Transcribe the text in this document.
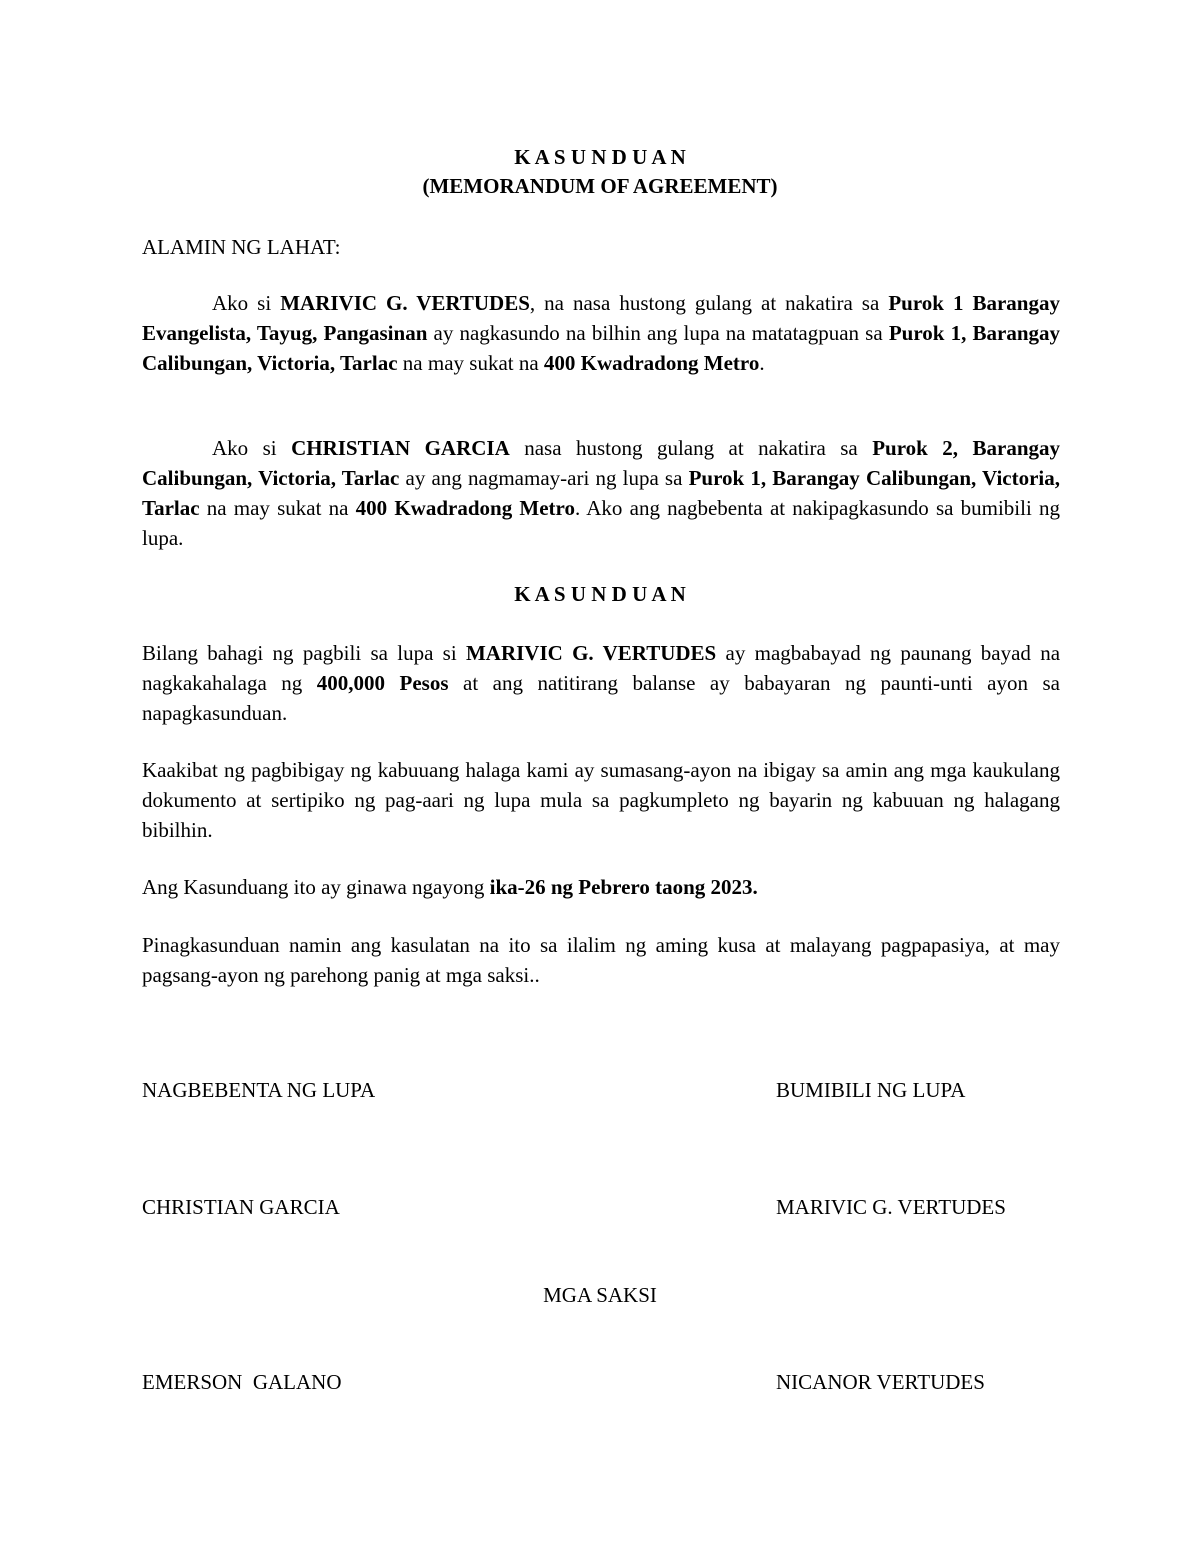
K A S U N D U A N
(MEMORANDUM OF AGREEMENT)
ALAMIN NG LAHAT:
Ako si MARIVIC G. VERTUDES, na nasa hustong gulang at nakatira sa Purok 1 Barangay Evangelista, Tayug, Pangasinan ay nagkasundo na bilhin ang lupa na matatagpuan sa Purok 1, Barangay Calibungan, Victoria, Tarlac na may sukat na 400 Kwadradong Metro.
Ako si CHRISTIAN GARCIA nasa hustong gulang at nakatira sa Purok 2, Barangay Calibungan, Victoria, Tarlac ay ang nagmamay-ari ng lupa sa Purok 1, Barangay Calibungan, Victoria, Tarlac na may sukat na 400 Kwadradong Metro. Ako ang nagbebenta at nakipagkasundo sa bumibili ng lupa.
K A S U N D U A N
Bilang bahagi ng pagbili sa lupa si MARIVIC G. VERTUDES ay magbabayad ng paunang bayad na nagkakahalaga ng 400,000 Pesos at ang natitirang balanse ay babayaran ng paunti-unti ayon sa napagkasunduan.
Kaakibat ng pagbibigay ng kabuuang halaga kami ay sumasang-ayon na ibigay sa amin ang mga kaukulang dokumento at sertipiko ng pag-aari ng lupa mula sa pagkumpleto ng bayarin ng kabuuan ng halagang bibilhin.
Ang Kasunduang ito ay ginawa ngayong ika-26 ng Pebrero taong 2023.
Pinagkasunduan namin ang kasulatan na ito sa ilalim ng aming kusa at malayang pagpapasiya, at may pagsang-ayon ng parehong panig at mga saksi..
NAGBEBENTA NG LUPA	BUMIBILI NG LUPA
CHRISTIAN GARCIA	MARIVIC G. VERTUDES
MGA SAKSI
EMERSON  GALANO	NICANOR VERTUDES
